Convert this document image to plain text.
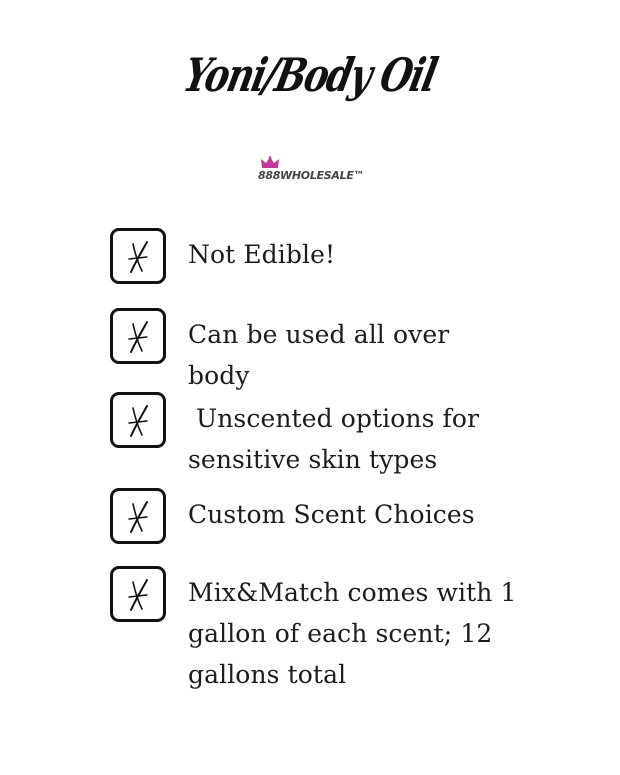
Yoni/Body Oil
888WHOLESALE™
Not Edible!
Can be used all over body
Unscented options for sensitive skin types
Custom Scent Choices
Mix&Match comes with 1 gallon of each scent; 12 gallons total
